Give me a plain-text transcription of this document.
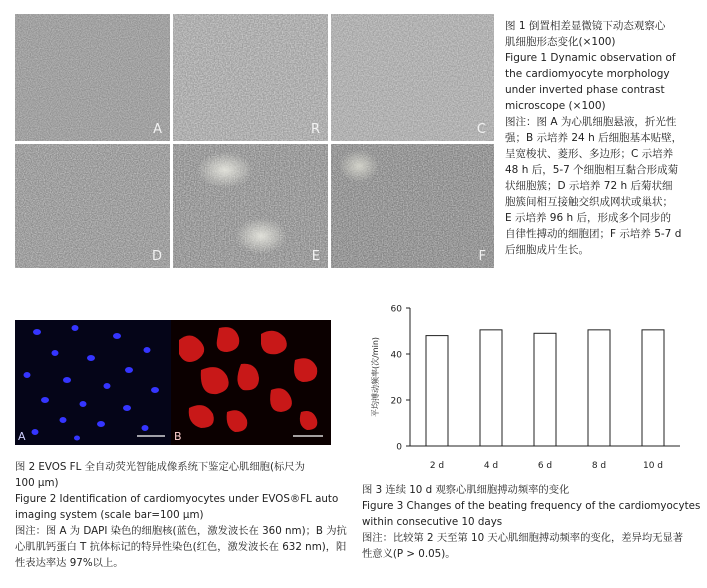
A	R	C
D	E	F
图 1 倒置相差显微镜下动态观察心
肌细胞形态变化(×100)
Figure 1 Dynamic observation of
the cardiomyocyte morphology
under inverted phase contrast
microscope (×100)
图注：图 A 为心肌细胞悬液，折光性
强；B 示培养 24 h 后细胞基本贴壁，
呈宽梭状、菱形、多边形；C 示培养
48 h 后，5-7 个细胞相互黏合形成菊
状细胞簇；D 示培养 72 h 后菊状细
胞簇间相互接触交织成网状或巢状；
E 示培养 96 h 后，形成多个同步的
自律性搏动的细胞团；F 示培养 5-7 d
后细胞成片生长。
A	B
图 2 EVOS FL 全自动荧光智能成像系统下鉴定心肌细胞(标尺为
100 μm)
Figure 2 Identification of cardiomyocytes under EVOS®FL auto
imaging system (scale bar=100 μm)
图注：图 A 为 DAPI 染色的细胞核(蓝色，激发波长在 360 nm)；B 为抗
心肌肌钙蛋白 T 抗体标记的特异性染色(红色，激发波长在 632 nm)，阳
性表达率达 97%以上。
0
20
40
60
平均搏动频率(次/min)
2 d	4 d	6 d	8 d	10 d
图 3 连续 10 d 观察心肌细胞搏动频率的变化
Figure 3 Changes of the beating frequency of the cardiomyocytes
within consecutive 10 days
图注：比较第 2 天至第 10 天心肌细胞搏动频率的变化，差异均无显著
性意义(P > 0.05)。
